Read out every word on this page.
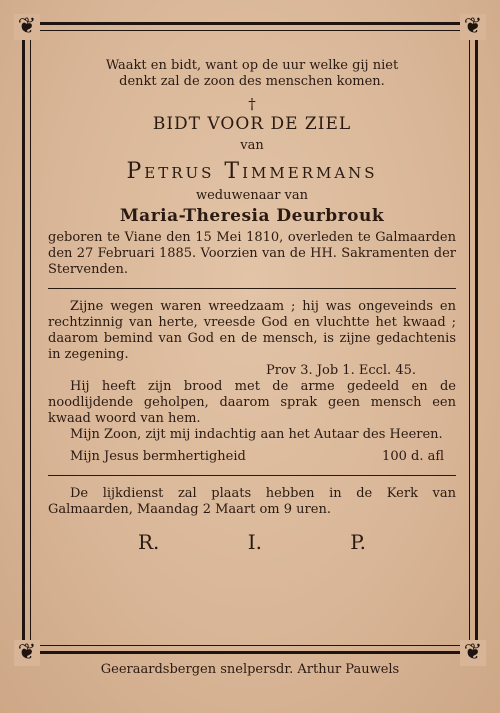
❦	❦
❦	❦

Waakt en bidt, want op de uur welke gij niet

denkt zal de zoon des menschen komen.

†

BIDT VOOR DE ZIEL

van

Petrus Timmermans

weduwenaar van

Maria-Theresia Deurbrouk

geboren te Viane den 15 Mei 1810, overleden te Galmaarden den 27 Februari 1885. Voorzien van de HH. Sakramenten der Stervenden.

Zijne wegen waren wreedzaam ; hij was ongeveinds en rechtzinnig van herte, vreesde God en vluchtte het kwaad ; daarom bemind van God en de mensch, is zijne gedachtenis in zegening.

Prov 3. Job 1. Eccl. 45.

Hij heeft zijn brood met de arme gedeeld en de noodlijdende geholpen, daarom sprak geen mensch een kwaad woord van hem.

Mijn Zoon, zijt mij indachtig aan het Autaar des Heeren.

Mijn Jesus bermhertigheid	100 d. afl

De lijkdienst zal plaats hebben in de Kerk van Galmaarden, Maandag 2 Maart om 9 uren.

R.	I.	P.
Geeraardsbergen snelpersdr. Arthur Pauwels
